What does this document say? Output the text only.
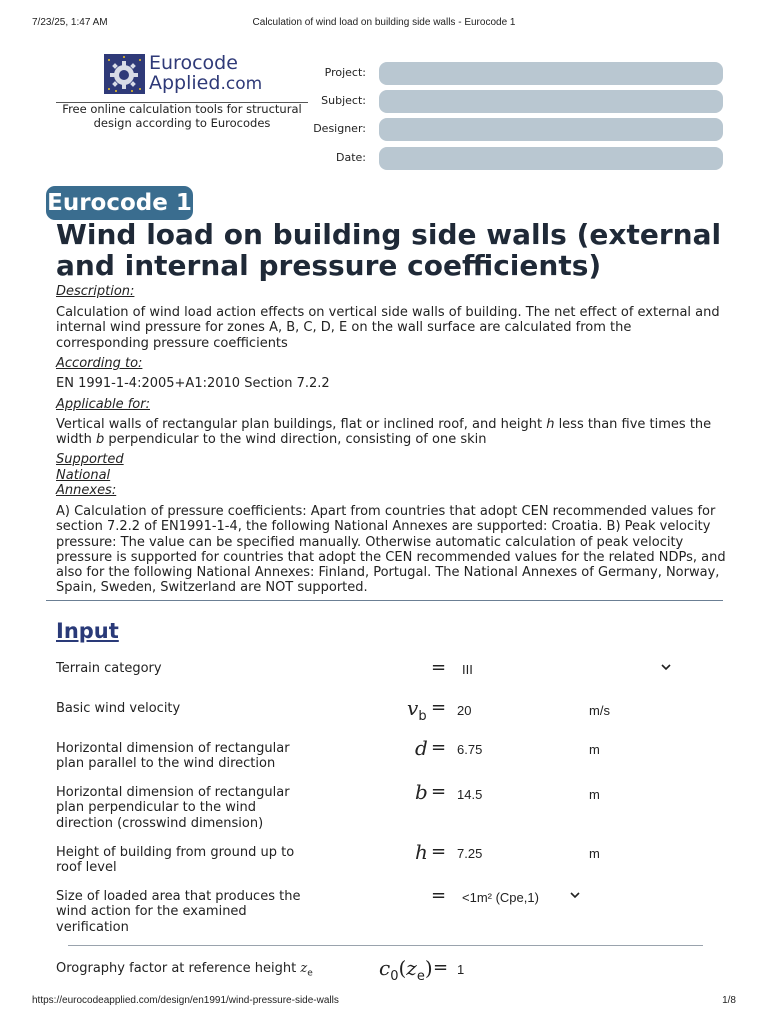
7/23/25, 1:47 AM	Calculation of wind load on building side walls - Eurocode 1
Eurocode
Applied.com
Free online calculation tools for structural design according to Eurocodes
Project:
Subject:
Designer:
Date:
Eurocode 1
Wind load on building side walls (external and internal pressure coefficients)
Description:
Calculation of wind load action effects on vertical side walls of building. The net effect of external and internal wind pressure for zones A, B, C, D, E on the wall surface are calculated from the corresponding pressure coefficients
According to:
EN 1991-1-4:2005+A1:2010 Section 7.2.2
Applicable for:
Vertical walls of rectangular plan buildings, flat or inclined roof, and height h less than five times the width b perpendicular to the wind direction, consisting of one skin
Supported
National
Annexes:
A) Calculation of pressure coefficients: Apart from countries that adopt CEN recommended values for section 7.2.2 of EN1991-1-4, the following National Annexes are supported: Croatia. B) Peak velocity pressure: The value can be specified manually. Otherwise automatic calculation of peak velocity pressure is supported for countries that adopt the CEN recommended values for the related NDPs, and also for the following National Annexes: Finland, Portugal. The National Annexes of Germany, Norway, Spain, Sweden, Switzerland are NOT supported.
Input
Terrain category	= III
Basic wind velocity	$v_b = 20$	m/s
Horizontal dimension of rectangular plan parallel to the wind direction
d = 6.75	m
Horizontal dimension of rectangular plan perpendicular to the wind direction (crosswind dimension)
b = 14.5	m
Height of building from ground up to roof level
h = 7.25	m
Size of loaded area that produces the wind action for the examined verification
= <1m² (Cpe,1)
Orography factor at reference height $z_e$	$c_0(z_e) = 1$
https://eurocodeapplied.com/design/en1991/wind-pressure-side-walls	1/8
